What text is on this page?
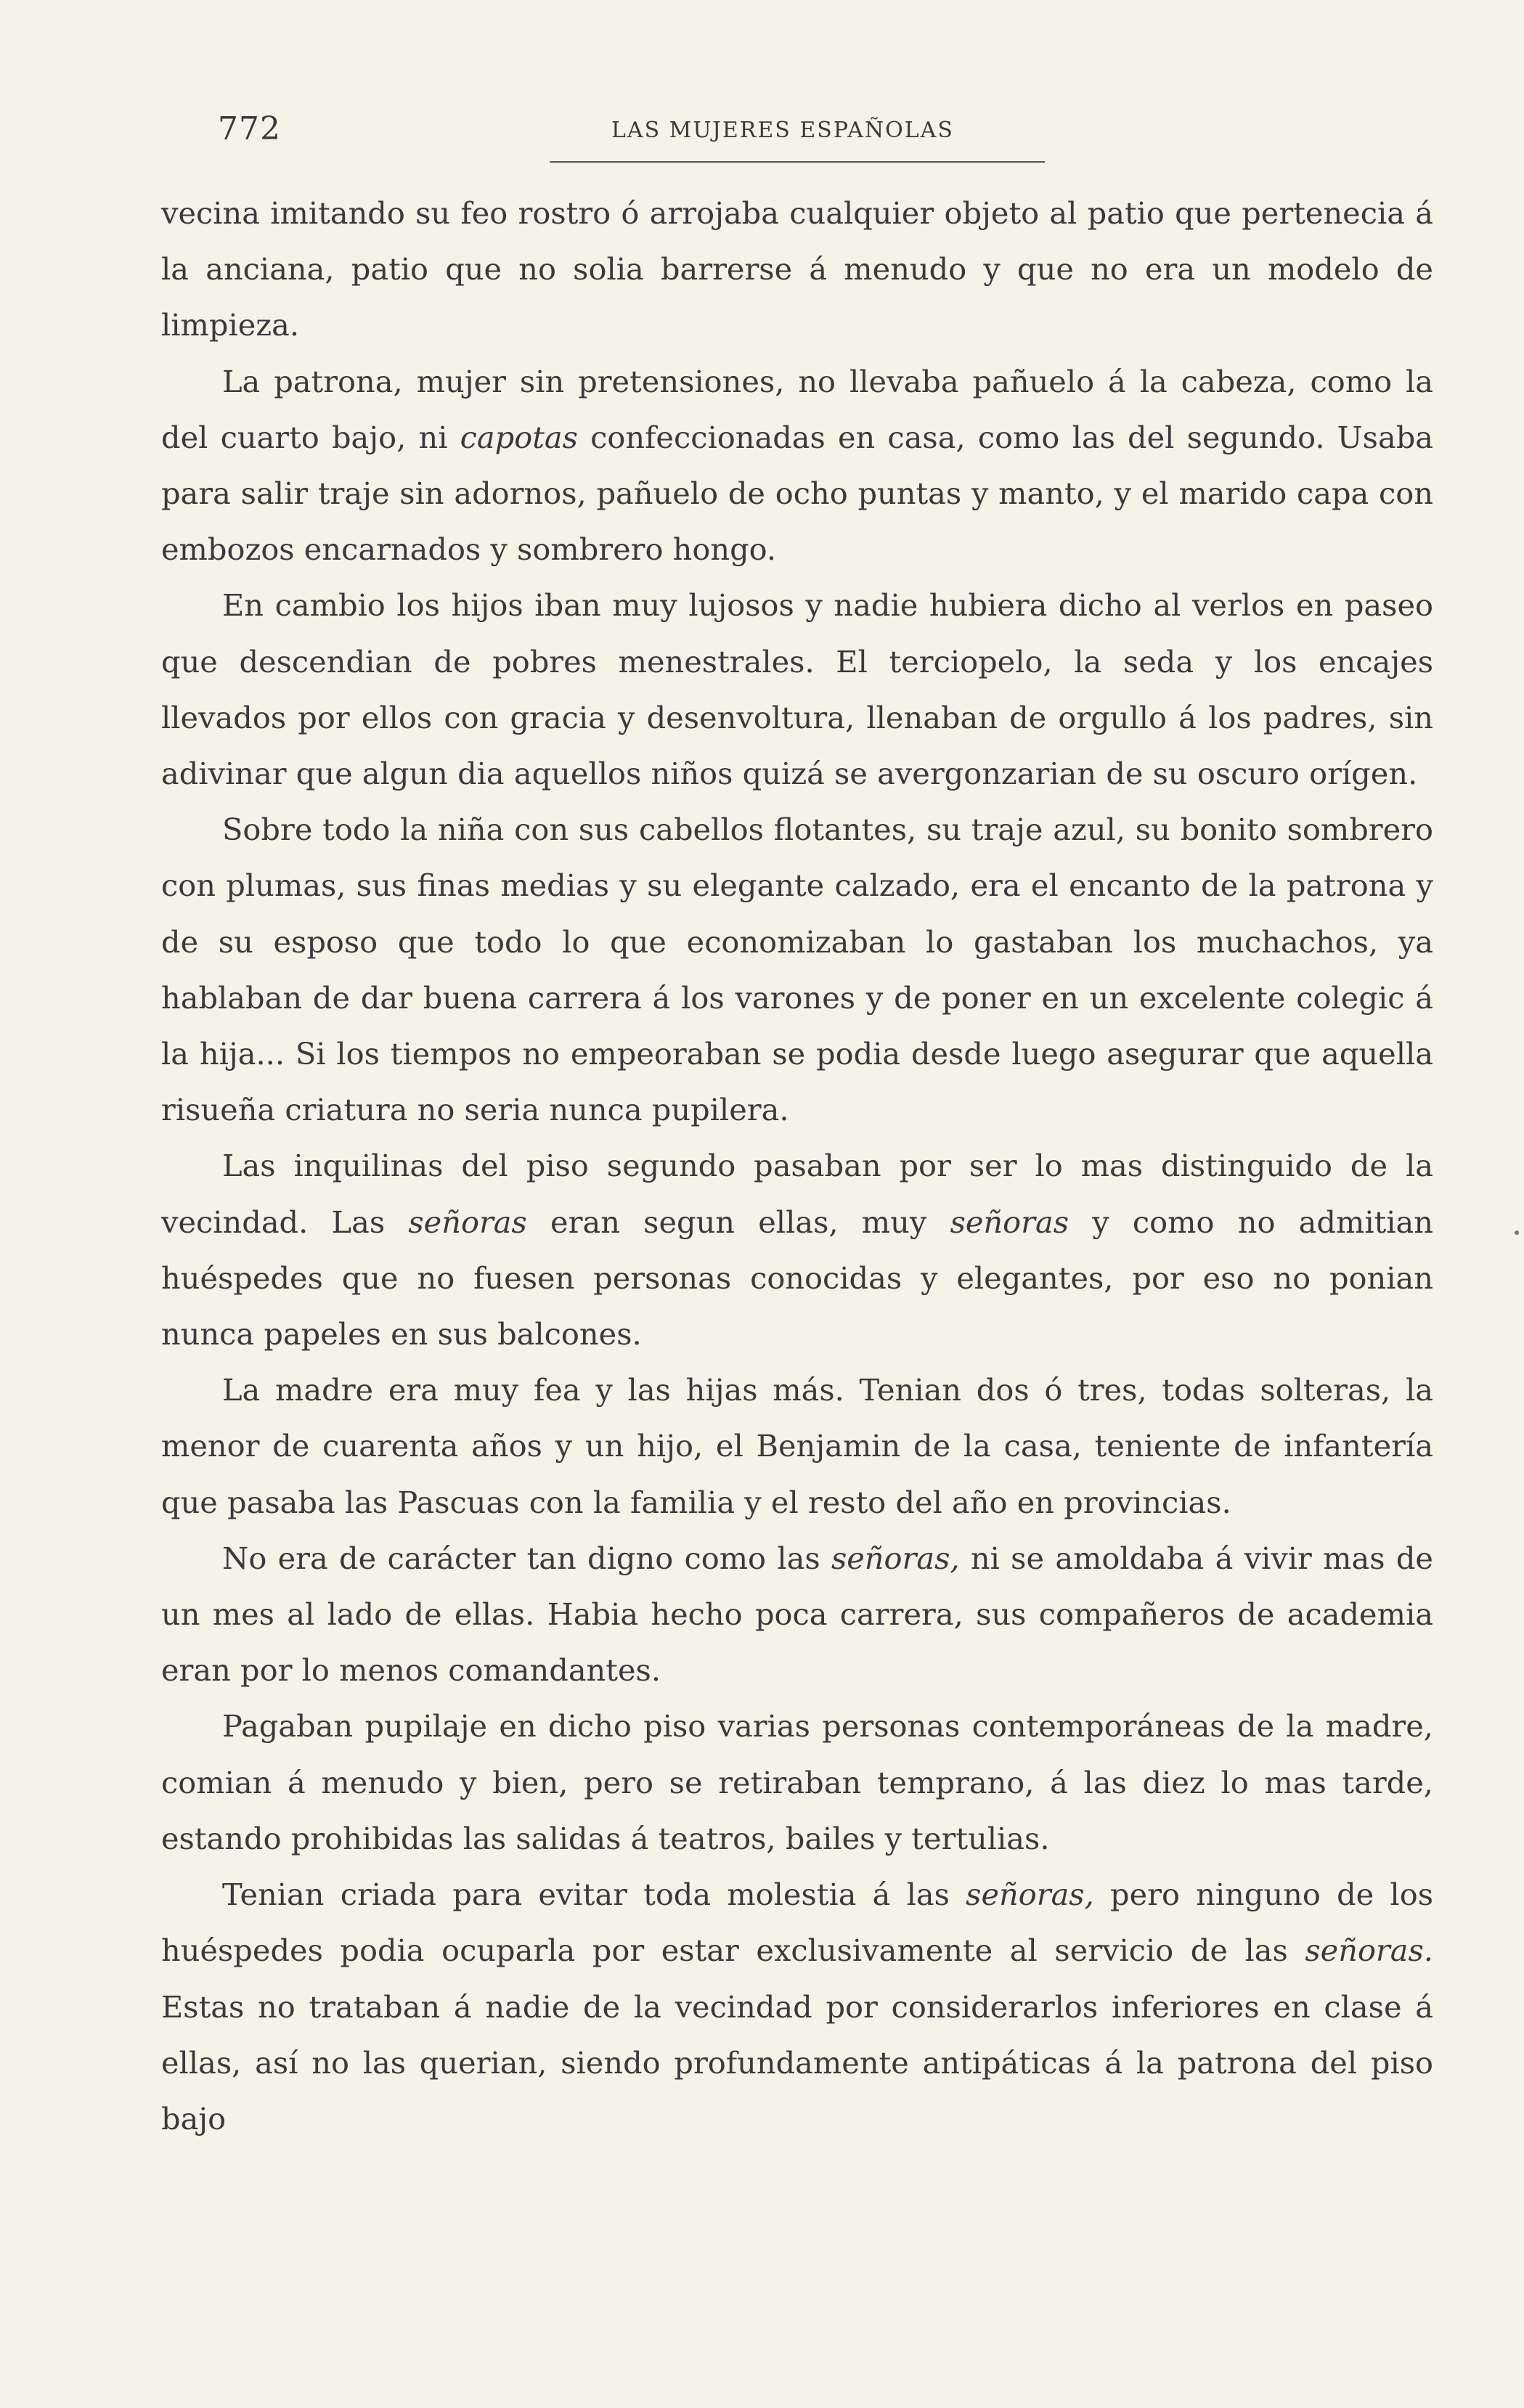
772	LAS MUJERES ESPAÑOLAS

vecina imitando su feo rostro ó arrojaba cualquier objeto al patio que pertenecia á la anciana, patio que no solia barrerse á menudo y que no era un modelo de limpieza.

La patrona, mujer sin pretensiones, no llevaba pañuelo á la cabeza, como la del cuarto bajo, ni capotas confeccionadas en casa, como las del segundo. Usaba para salir traje sin adornos, pañuelo de ocho puntas y manto, y el marido capa con embozos encarnados y sombrero hongo.

En cambio los hijos iban muy lujosos y nadie hubiera dicho al verlos en paseo que descendian de pobres menestrales. El terciopelo, la seda y los encajes llevados por ellos con gracia y desenvoltura, llenaban de orgullo á los padres, sin adivinar que algun dia aquellos niños quizá se avergonzarian de su oscuro orígen.

Sobre todo la niña con sus cabellos flotantes, su traje azul, su bonito sombrero con plumas, sus finas medias y su elegante calzado, era el encanto de la patrona y de su esposo que todo lo que economizaban lo gastaban los muchachos, ya hablaban de dar buena carrera á los varones y de poner en un excelente colegic á la hija... Si los tiempos no empeoraban se podia desde luego asegurar que aquella risueña criatura no seria nunca pupilera.

Las inquilinas del piso segundo pasaban por ser lo mas distinguido de la vecindad. Las señoras eran segun ellas, muy señoras y como no admitian huéspedes que no fuesen personas conocidas y elegantes, por eso no ponian nunca papeles en sus balcones.

La madre era muy fea y las hijas más. Tenian dos ó tres, todas solteras, la menor de cuarenta años y un hijo, el Benjamin de la casa, teniente de infantería que pasaba las Pascuas con la familia y el resto del año en provincias.

No era de carácter tan digno como las señoras, ni se amoldaba á vivir mas de un mes al lado de ellas. Habia hecho poca carrera, sus compañeros de academia eran por lo menos comandantes.

Pagaban pupilaje en dicho piso varias personas contemporáneas de la madre, comian á menudo y bien, pero se retiraban temprano, á las diez lo mas tarde, estando prohibidas las salidas á teatros, bailes y tertulias.

Tenian criada para evitar toda molestia á las señoras, pero ninguno de los huéspedes podia ocuparla por estar exclusivamente al servicio de las señoras. Estas no trataban á nadie de la vecindad por considerarlos inferiores en clase á ellas, así no las querian, siendo profundamente antipáticas á la patrona del piso bajo
